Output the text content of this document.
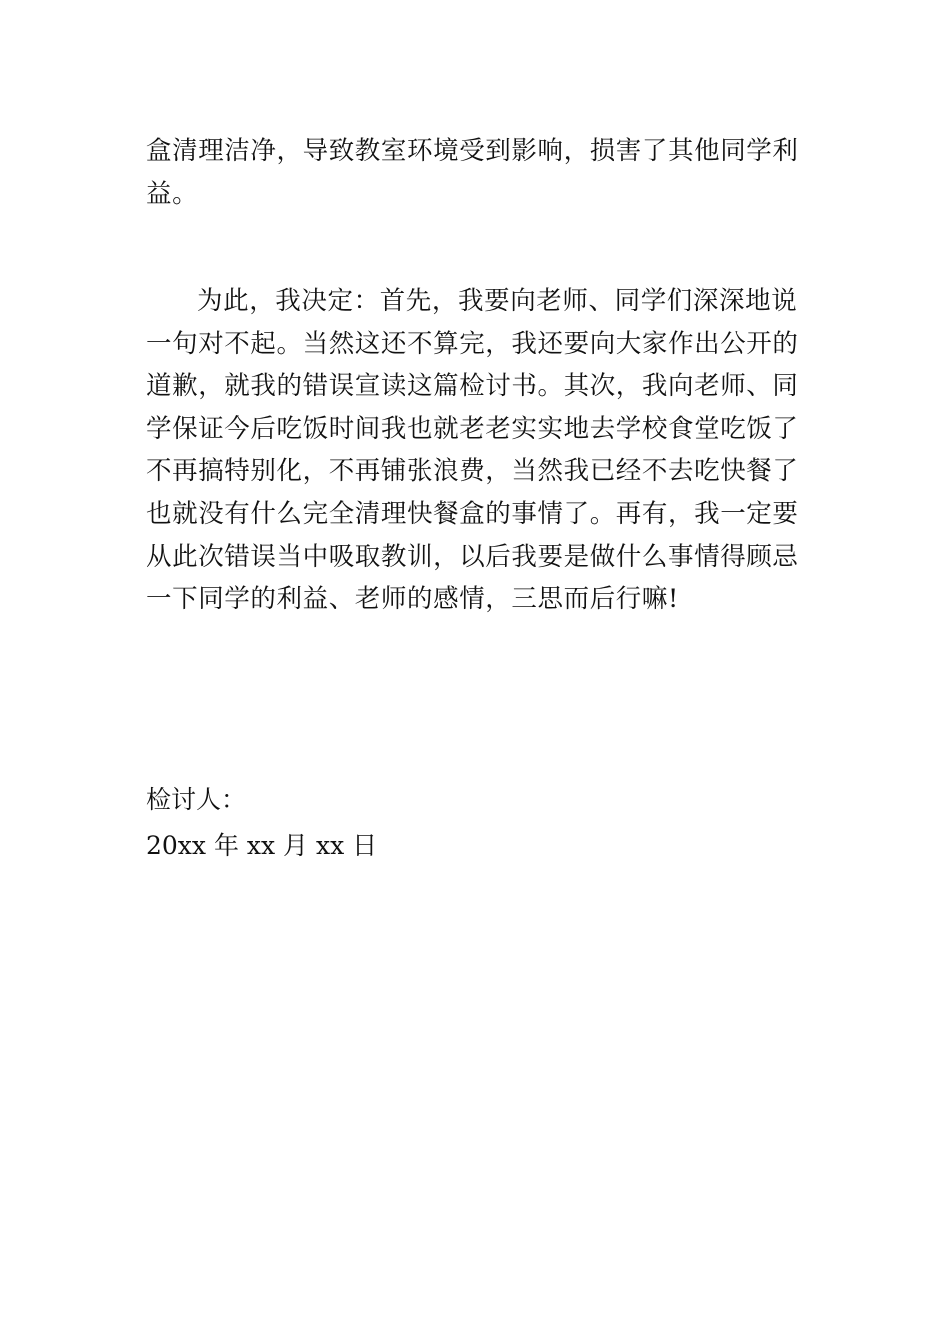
盒清理洁净，导致教室环境受到影响，损害了其他同学利益。

为此，我决定：首先，我要向老师、同学们深深地说一句对不起。当然这还不算完，我还要向大家作出公开的道歉，就我的错误宣读这篇检讨书。其次，我向老师、同学保证今后吃饭时间我也就老老实实地去学校食堂吃饭了不再搞特别化，不再铺张浪费，当然我已经不去吃快餐了也就没有什么完全清理快餐盒的事情了。再有，我一定要从此次错误当中吸取教训，以后我要是做什么事情得顾忌一下同学的利益、老师的感情，三思而后行嘛!

检讨人：

20xx 年 xx 月 xx 日
